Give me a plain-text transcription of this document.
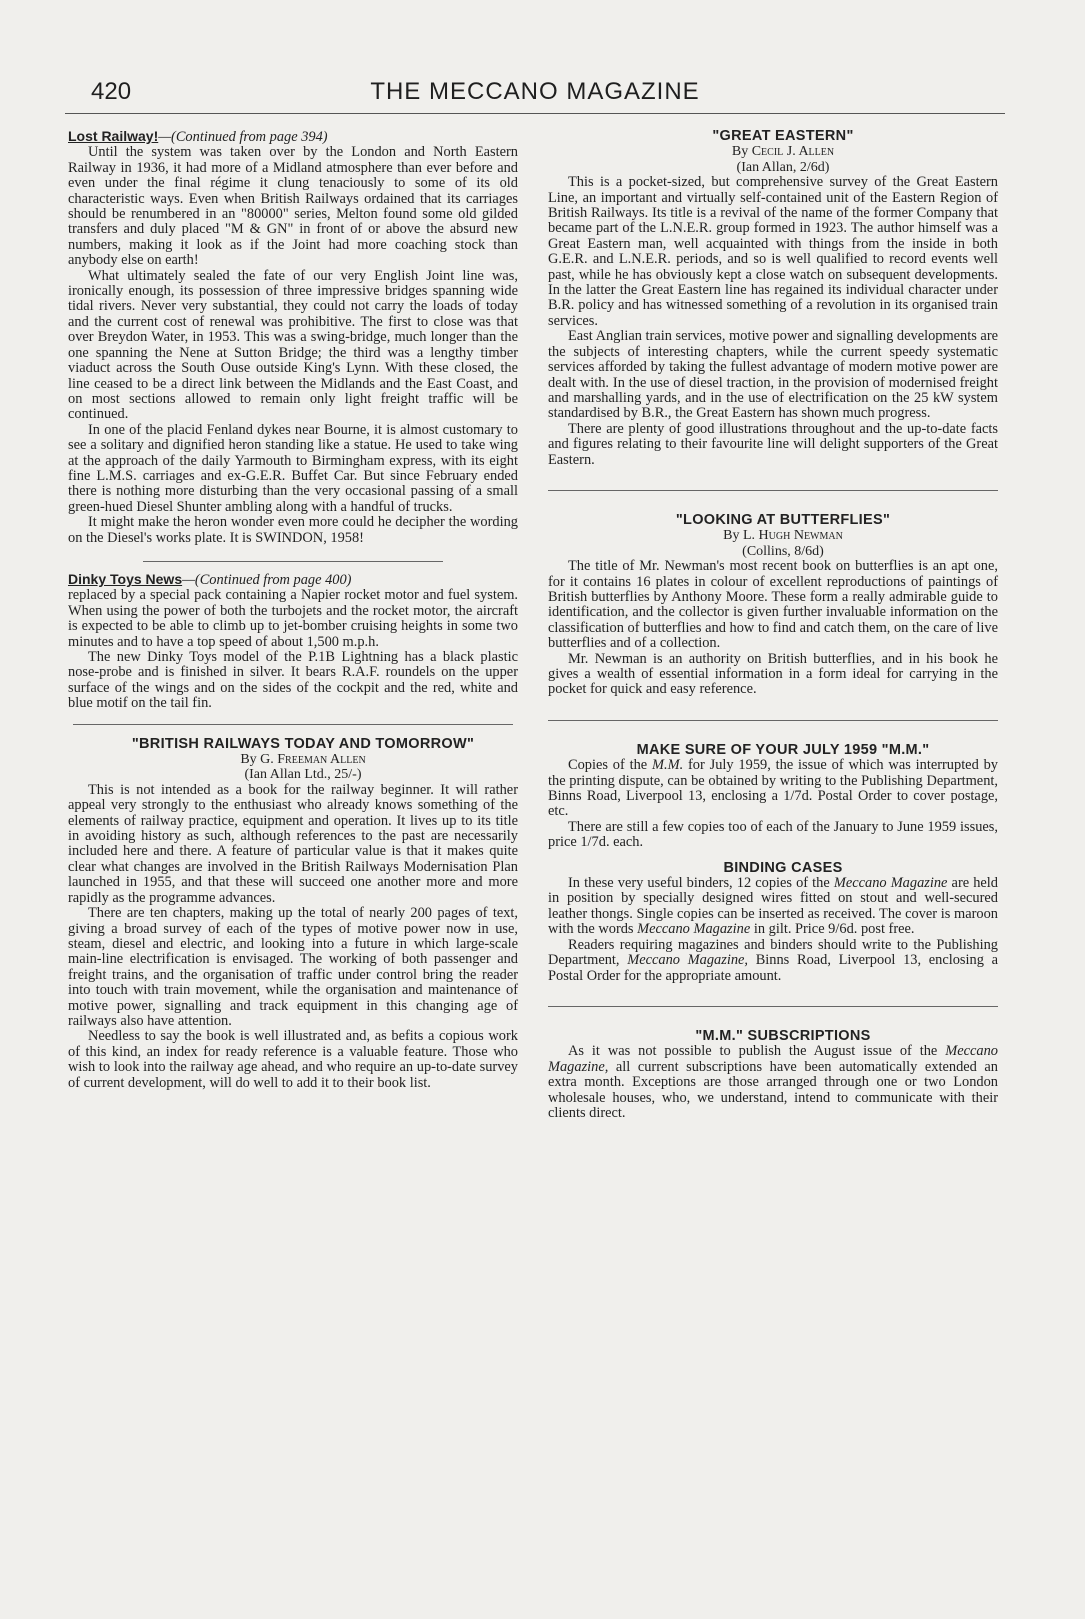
420	THE MECCANO MAGAZINE

Lost Railway!—(Continued from page 394)

Until the system was taken over by the London and North Eastern Railway in 1936, it had more of a Midland atmosphere than ever before and even under the final régime it clung tenaciously to some of its old characteristic ways. Even when British Railways ordained that its carriages should be renumbered in an "80000" series, Melton found some old gilded transfers and duly placed "M & GN" in front of or above the absurd new numbers, making it look as if the Joint had more coaching stock than anybody else on earth!

What ultimately sealed the fate of our very English Joint line was, ironically enough, its possession of three impressive bridges spanning wide tidal rivers. Never very substantial, they could not carry the loads of today and the current cost of renewal was prohibitive. The first to close was that over Breydon Water, in 1953. This was a swing-bridge, much longer than the one spanning the Nene at Sutton Bridge; the third was a lengthy timber viaduct across the South Ouse outside King's Lynn. With these closed, the line ceased to be a direct link between the Midlands and the East Coast, and on most sections allowed to remain only light freight traffic will be continued.

In one of the placid Fenland dykes near Bourne, it is almost customary to see a solitary and dignified heron standing like a statue. He used to take wing at the approach of the daily Yarmouth to Birmingham express, with its eight fine L.M.S. carriages and ex-G.E.R. Buffet Car. But since February ended there is nothing more disturbing than the very occasional passing of a small green-hued Diesel Shunter ambling along with a handful of trucks.

It might make the heron wonder even more could he decipher the wording on the Diesel's works plate. It is SWINDON, 1958!

Dinky Toys News—(Continued from page 400)

replaced by a special pack containing a Napier rocket motor and fuel system. When using the power of both the turbojets and the rocket motor, the aircraft is expected to be able to climb up to jet-bomber cruising heights in some two minutes and to have a top speed of about 1,500 m.p.h.

The new Dinky Toys model of the P.1B Lightning has a black plastic nose-probe and is finished in silver. It bears R.A.F. roundels on the upper surface of the wings and on the sides of the cockpit and the red, white and blue motif on the tail fin.

"BRITISH RAILWAYS TODAY AND TOMORROW"

By G. Freeman Allen

(Ian Allan Ltd., 25/-)

This is not intended as a book for the railway beginner. It will rather appeal very strongly to the enthusiast who already knows something of the elements of railway practice, equipment and operation. It lives up to its title in avoiding history as such, although references to the past are necessarily included here and there. A feature of particular value is that it makes quite clear what changes are involved in the British Railways Modernisation Plan launched in 1955, and that these will succeed one another more and more rapidly as the programme advances.

There are ten chapters, making up the total of nearly 200 pages of text, giving a broad survey of each of the types of motive power now in use, steam, diesel and electric, and looking into a future in which large-scale main-line electrification is envisaged. The working of both passenger and freight trains, and the organisation of traffic under control bring the reader into touch with train movement, while the organisation and maintenance of motive power, signalling and track equipment in this changing age of railways also have attention.

Needless to say the book is well illustrated and, as befits a copious work of this kind, an index for ready reference is a valuable feature. Those who wish to look into the railway age ahead, and who require an up-to-date survey of current development, will do well to add it to their book list.

"GREAT EASTERN"

By Cecil J. Allen

(Ian Allan, 2/6d)

This is a pocket-sized, but comprehensive survey of the Great Eastern Line, an important and virtually self-contained unit of the Eastern Region of British Railways. Its title is a revival of the name of the former Company that became part of the L.N.E.R. group formed in 1923. The author himself was a Great Eastern man, well acquainted with things from the inside in both G.E.R. and L.N.E.R. periods, and so is well qualified to record events well past, while he has obviously kept a close watch on subsequent developments. In the latter the Great Eastern line has regained its individual character under B.R. policy and has witnessed something of a revolution in its organised train services.

East Anglian train services, motive power and signalling developments are the subjects of interesting chapters, while the current speedy systematic services afforded by taking the fullest advantage of modern motive power are dealt with. In the use of diesel traction, in the provision of modernised freight and marshalling yards, and in the use of electrification on the 25 kW system standardised by B.R., the Great Eastern has shown much progress.

There are plenty of good illustrations throughout and the up-to-date facts and figures relating to their favourite line will delight supporters of the Great Eastern.

"LOOKING AT BUTTERFLIES"

By L. Hugh Newman

(Collins, 8/6d)

The title of Mr. Newman's most recent book on butterflies is an apt one, for it contains 16 plates in colour of excellent reproductions of paintings of British butterflies by Anthony Moore. These form a really admirable guide to identification, and the collector is given further invaluable information on the classification of butterflies and how to find and catch them, on the care of live butterflies and of a collection.

Mr. Newman is an authority on British butterflies, and in his book he gives a wealth of essential information in a form ideal for carrying in the pocket for quick and easy reference.

MAKE SURE OF YOUR JULY 1959 "M.M."

Copies of the M.M. for July 1959, the issue of which was interrupted by the printing dispute, can be obtained by writing to the Publishing Department, Binns Road, Liverpool 13, enclosing a 1/7d. Postal Order to cover postage, etc.

There are still a few copies too of each of the January to June 1959 issues, price 1/7d. each.

BINDING CASES

In these very useful binders, 12 copies of the Meccano Magazine are held in position by specially designed wires fitted on stout and well-secured leather thongs. Single copies can be inserted as received. The cover is maroon with the words Meccano Magazine in gilt. Price 9/6d. post free.

Readers requiring magazines and binders should write to the Publishing Department, Meccano Magazine, Binns Road, Liverpool 13, enclosing a Postal Order for the appropriate amount.

"M.M." SUBSCRIPTIONS

As it was not possible to publish the August issue of the Meccano Magazine, all current subscriptions have been automatically extended an extra month. Exceptions are those arranged through one or two London wholesale houses, who, we understand, intend to communicate with their clients direct.
